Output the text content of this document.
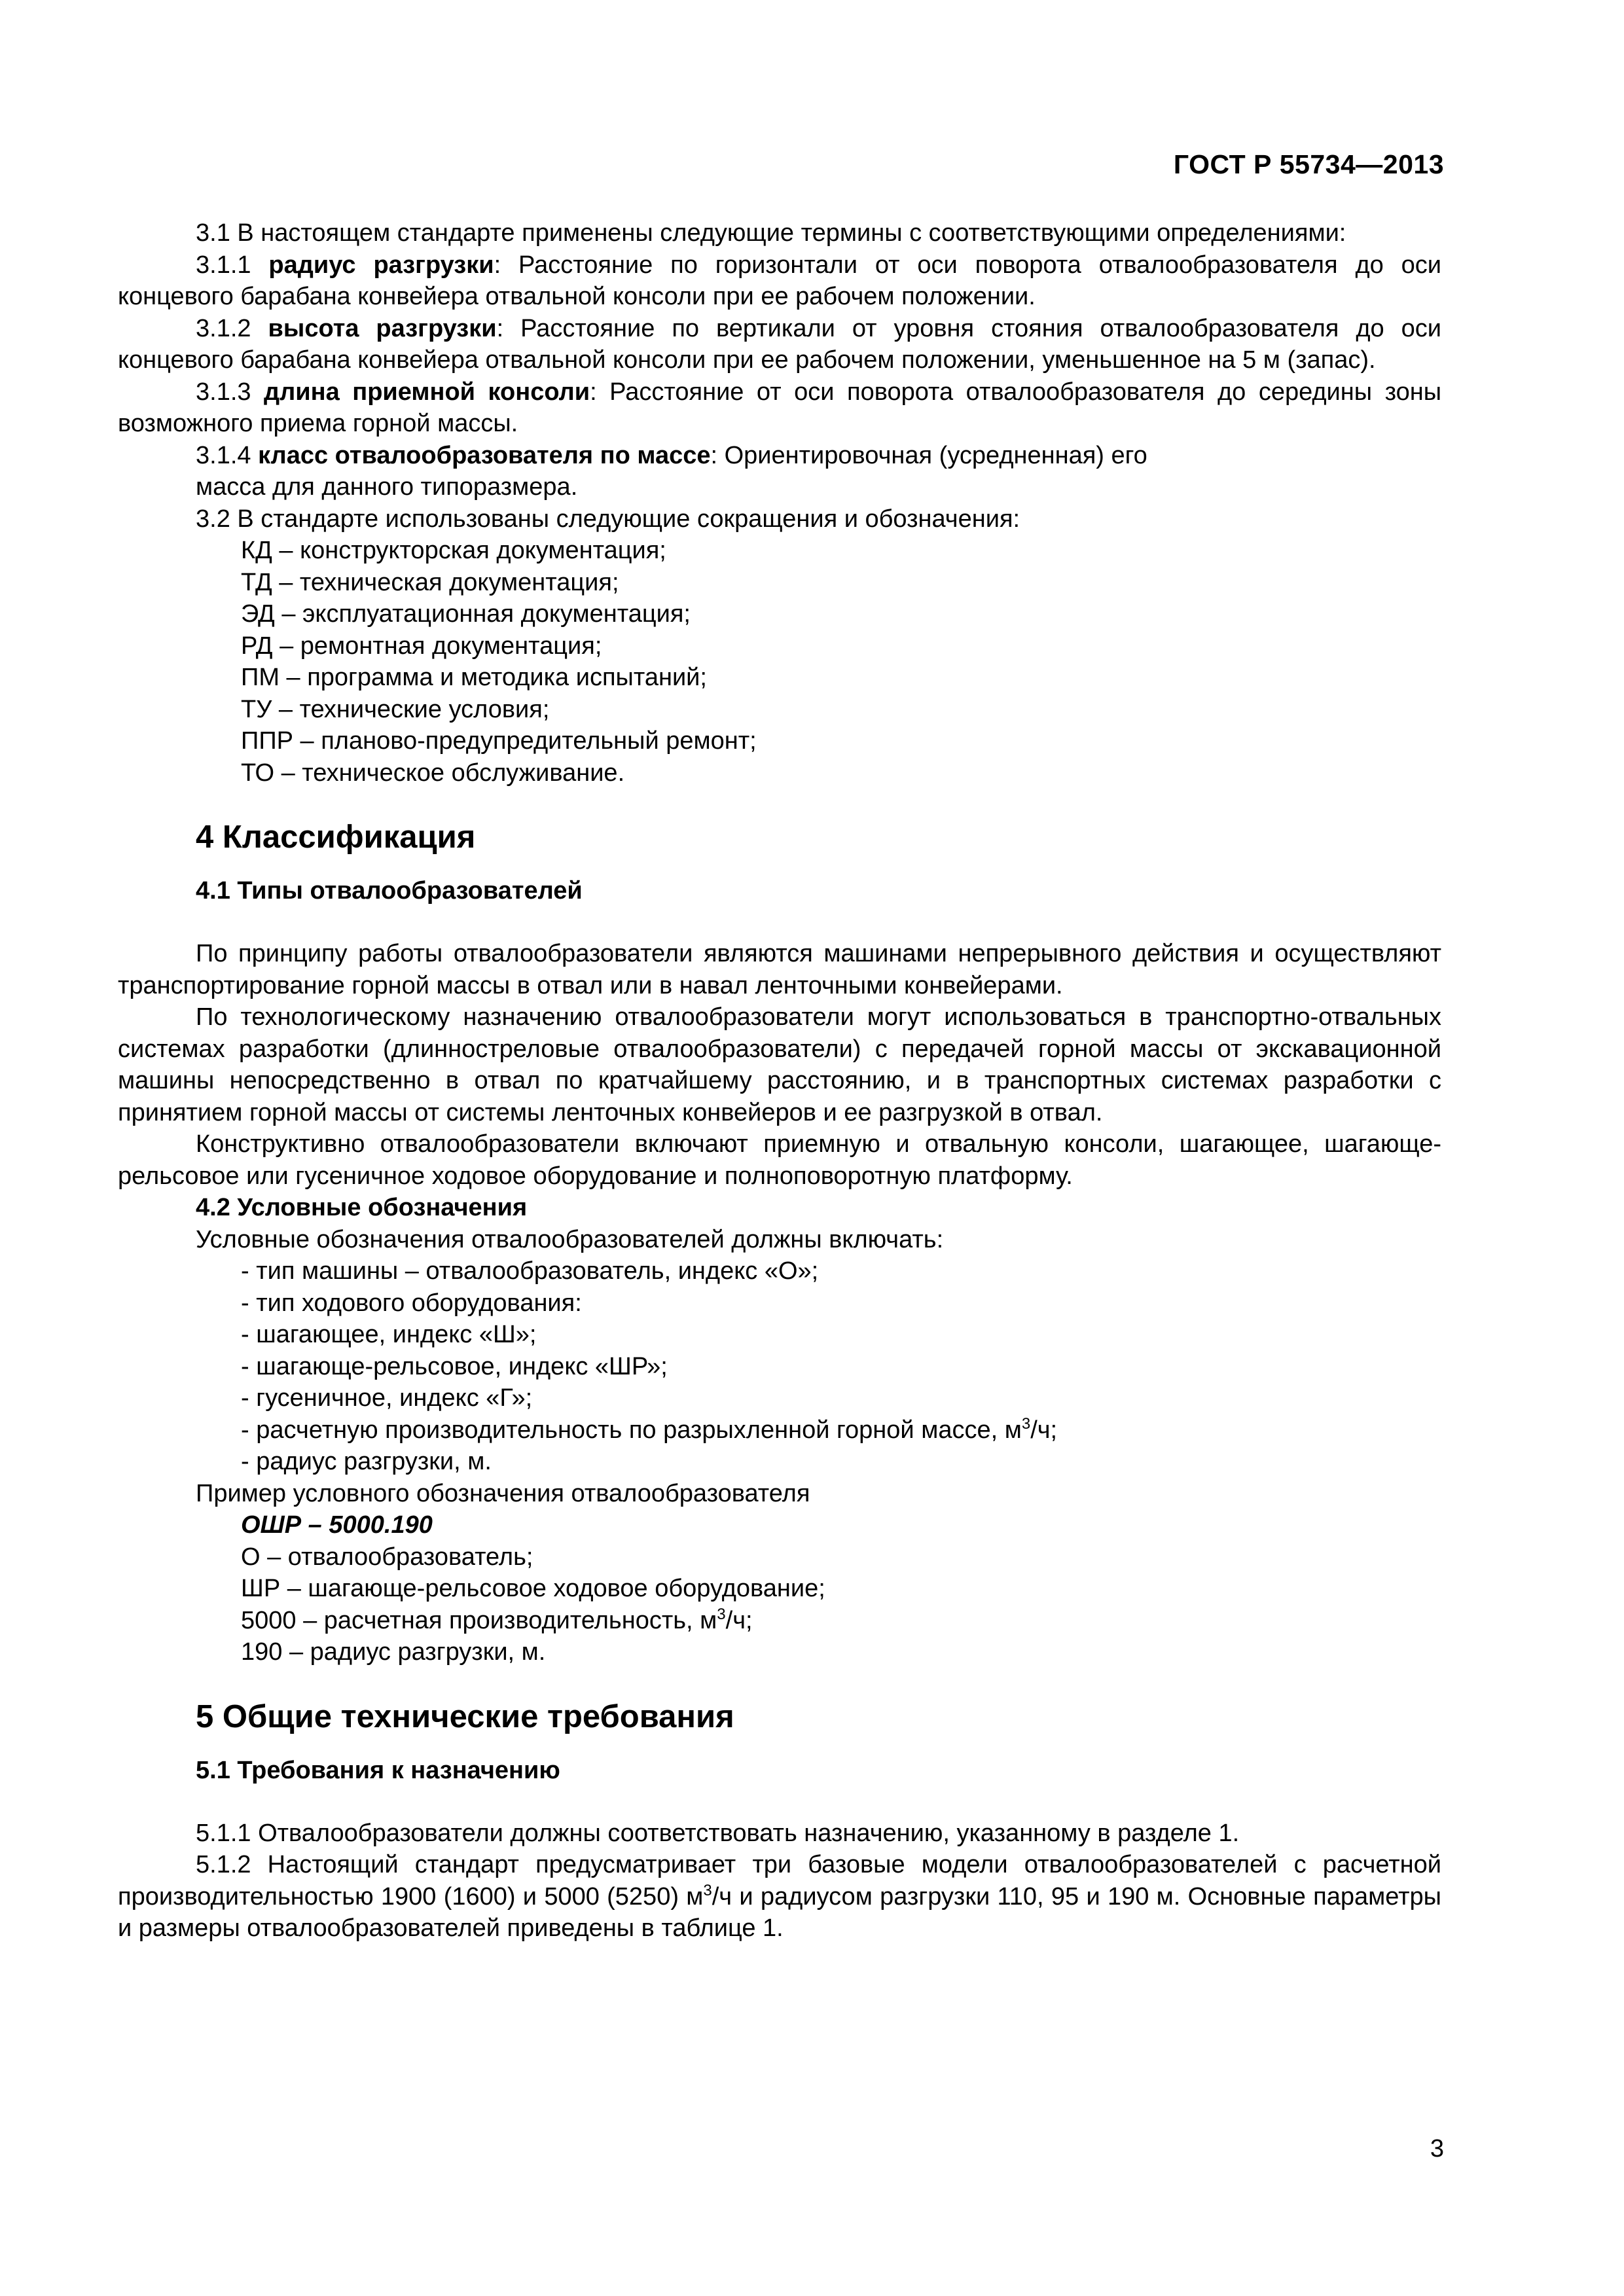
ГОСТ Р 55734—2013

3.1 В настоящем стандарте применены следующие термины с соответствующими определениями:

3.1.1 радиус разгрузки: Расстояние по горизонтали от оси поворота отвалообразователя до оси концевого барабана конвейера отвальной консоли при ее рабочем положении.

3.1.2 высота разгрузки: Расстояние по вертикали от уровня стояния отвалообразователя до оси концевого барабана конвейера отвальной консоли при ее рабочем положении, уменьшенное на 5 м (запас).

3.1.3 длина приемной консоли: Расстояние от оси поворота отвалообразователя до середины зоны возможного приема горной массы.

3.1.4 класс отвалообразователя по массе: Ориентировочная (усредненная) его

масса для данного типоразмера.

3.2 В стандарте использованы следующие сокращения и обозначения:

КД – конструкторская документация;

ТД – техническая документация;

ЭД – эксплуатационная документация;

РД – ремонтная документация;

ПМ – программа и методика испытаний;

ТУ – технические условия;

ППР – планово-предупредительный ремонт;

ТО – техническое обслуживание.

4 Классификация
4.1 Типы отвалообразователей

По принципу работы отвалообразователи являются машинами непрерывного действия и осуществляют транспортирование горной массы в отвал или в навал ленточными конвейерами.

По технологическому назначению отвалообразователи могут использоваться в транспортно-отвальных системах разработки (длинностреловые отвалообразователи) с передачей горной массы от экскавационной машины непосредственно в отвал по кратчайшему расстоянию, и в транспортных системах разработки с принятием горной массы от системы ленточных конвейеров и ее разгрузкой в отвал.

Конструктивно отвалообразователи включают приемную и отвальную консоли, шагающее, шагающе-рельсовое или гусеничное ходовое оборудование и полноповоротную платформу.

4.2 Условные обозначения

Условные обозначения отвалообразователей должны включать:

- тип машины – отвалообразователь, индекс «О»;

- тип ходового оборудования:

- шагающее, индекс «Ш»;

- шагающе-рельсовое, индекс «ШР»;

- гусеничное, индекс «Г»;

- расчетную производительность по разрыхленной горной массе, $м^3/ч$;

- радиус разгрузки, м.

Пример условного обозначения отвалообразователя

ОШР – 5000.190

О – отвалообразователь;

ШР – шагающе-рельсовое ходовое оборудование;

5000 – расчетная производительность, $м^3/ч$;

190 – радиус разгрузки, м.

5 Общие технические требования
5.1 Требования к назначению

5.1.1 Отвалообразователи должны соответствовать назначению, указанному в разделе 1.

5.1.2 Настоящий стандарт предусматривает три базовые модели отвалообразователей с расчетной производительностью 1900 (1600) и 5000 (5250) $м^3/ч$ и радиусом разгрузки 110, 95 и 190 м. Основные параметры и размеры отвалообразователей приведены в таблице 1.

3
